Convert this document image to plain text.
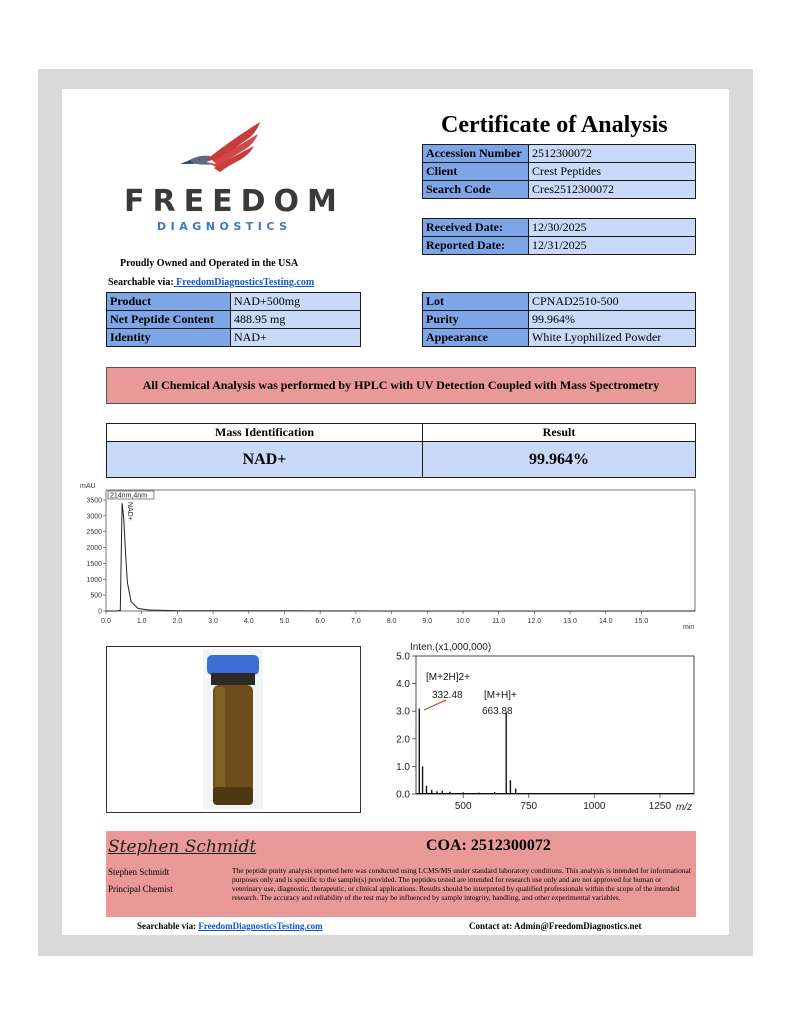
FREEDOM
DIAGNOSTICS
Proudly Owned and Operated in the USA
Searchable via: FreedomDiagnosticsTesting.com
Certificate of Analysis
Accession Number	2512300072
Client	Crest Peptides
Search Code	Cres2512300072
Received Date:	12/30/2025
Reported Date:	12/31/2025
Product	NAD+500mg
Net Peptide Content	488.95 mg
Identity	NAD+
Lot	CPNAD2510-500
Purity	99.964%
Appearance	White Lyophilized Powder
All Chemical Analysis was performed by HPLC with UV Detection Coupled with Mass Spectrometry
Mass Identification	Result
NAD+	99.964%
0
500
1000
1500
2000
2500
3000
3500
0.0	1.0	2.0	3.0	4.0	5.0	6.0	7.0	8.0	9.0	10.0	11.0	12.0	13.0	14.0	15.0
mAU
min
214nm,4nm
NAD+
0.0
1.0
2.0
3.0
4.0
5.0
500	750	1000	1250
Inten.(x1,000,000)
m/z
[M+2H]2+
332.48 [M+H]+
663.88
Stephen Schmidt	COA: 2512300072
Stephen Schmidt
Principal Chemist
The peptide purity analysis reported here was conducted using LCMS/MS under standard laboratory conditions. This analysis is intended for informational purposes only and is specific to the sample(s) provided. The peptides tested are intended for research use only and are not approved for human or veterinary use, diagnostic, therapeutic, or clinical applications. Results should be interpreted by qualified professionals within the scope of the intended research. The accuracy and reliability of the test may be influenced by sample integrity, handling, and other experimental variables.
Searchable via: FreedomDiagnosticsTesting.com	Contact at: Admin@FreedomDiagnostics.net
